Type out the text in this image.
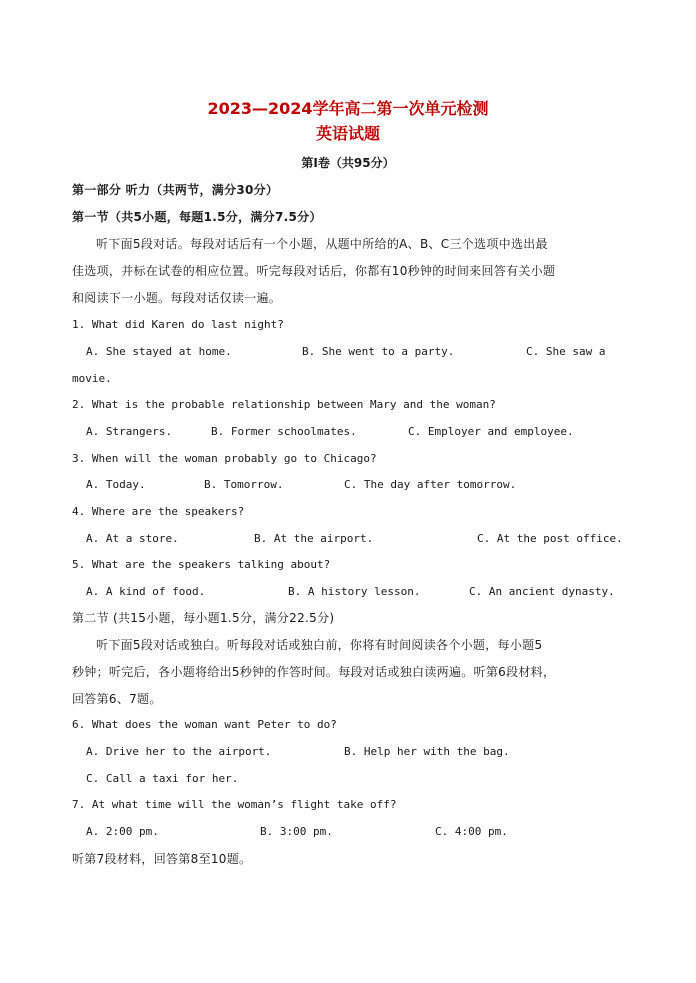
2023—2024学年高二第一次单元检测
英语试题
第Ⅰ卷（共95分）
第一部分 听力（共两节，满分30分）
第一节（共5小题，每题1.5分，满分7.5分）
听下面5段对话。每段对话后有一个小题，从题中所给的A、B、C三个选项中选出最
佳选项，并标在试卷的相应位置。听完每段对话后，你都有10秒钟的时间来回答有关小题
和阅读下一小题。每段对话仅读一遍。
1. What did Karen do last night?
A. She stayed at home.	B. She went to a party.	C. She saw a
movie.
2. What is the probable relationship between Mary and the woman?
A. Strangers.	B. Former schoolmates.	C. Employer and employee.
3. When will the woman probably go to Chicago?
A. Today.	B. Tomorrow.	C. The day after tomorrow.
4. Where are the speakers?
A. At a store.	B. At the airport.	C. At the post office.
5. What are the speakers talking about?
A. A kind of food.	B. A history lesson.	C. An ancient dynasty.
第二节 (共15小题，每小题1.5分，满分22.5分)
听下面5段对话或独白。听每段对话或独白前，你将有时间阅读各个小题，每小题5
秒钟；听完后，各小题将给出5秒钟的作答时间。每段对话或独白读两遍。听第6段材料，
回答第6、7题。
6. What does the woman want Peter to do?
A. Drive her to the airport.	B. Help her with the bag.
C. Call a taxi for her.
7. At what time will the woman’s flight take off?
A. 2:00 pm.	B. 3:00 pm.	C. 4:00 pm.
听第7段材料，回答第8至10题。
